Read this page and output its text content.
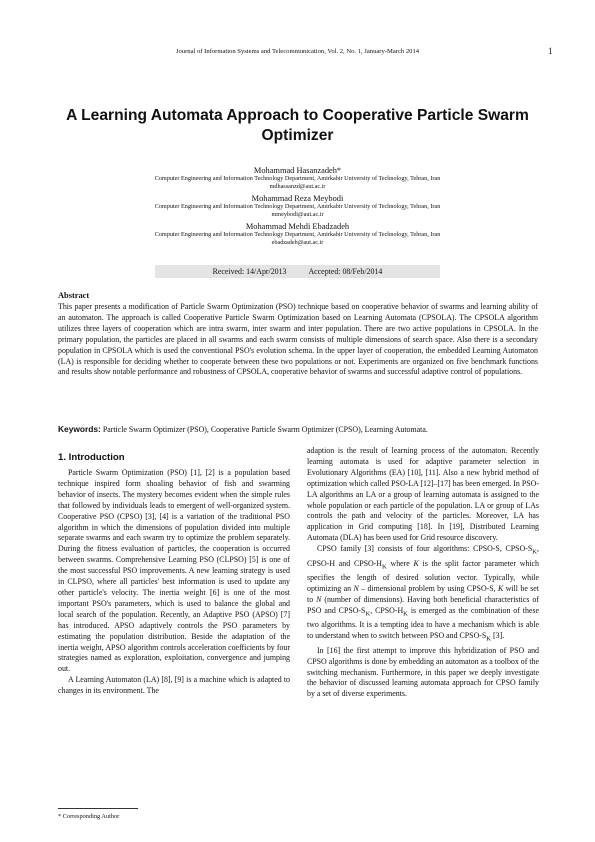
Journal of Information Systems and Telecommunication, Vol. 2, No. 1, January-March 2014	1
A Learning Automata Approach to Cooperative Particle Swarm Optimizer
Mohammad Hasanzadeh*
Computer Engineering and Information Technology Department, Amirkabir University of Technology, Tehran, Iran
mdhassanzd@aut.ac.ir
Mohammad Reza Meybodi
Computer Engineering and Information Technology Department, Amirkabir University of Technology, Tehran, Iran
mmeybodi@aut.ac.ir
Mohammad Mehdi Ebadzadeh
Computer Engineering and Information Technology Department, Amirkabir University of Technology, Tehran, Iran
ebadzadeh@aut.ac.ir
Received: 14/Apr/2013	Accepted: 08/Feb/2014
Abstract

This paper presents a modification of Particle Swarm Optimization (PSO) technique based on cooperative behavior of swarms and learning ability of an automaton. The approach is called Cooperative Particle Swarm Optimization based on Learning Automata (CPSOLA). The CPSOLA algorithm utilizes three layers of cooperation which are intra swarm, inter swarm and inter population. There are two active populations in CPSOLA. In the primary population, the particles are placed in all swarms and each swarm consists of multiple dimensions of search space. Also there is a secondary population in CPSOLA which is used the conventional PSO's evolution schema. In the upper layer of cooperation, the embedded Learning Automaton (LA) is responsible for deciding whether to cooperate between these two populations or not. Experiments are organized on five benchmark functions and results show notable performance and robustness of CPSOLA, cooperative behavior of swarms and successful adaptive control of populations.

Keywords: Particle Swarm Optimizer (PSO), Cooperative Particle Swarm Optimizer (CPSO), Learning Automata.

1. Introduction

Particle Swarm Optimization (PSO) [1], [2] is a population based technique inspired form shoaling behavior of fish and swarming behavior of insects. The mystery becomes evident when the simple rules that followed by individuals leads to emergent of well-organized system. Cooperative PSO (CPSO) [3], [4] is a variation of the traditional PSO algorithm in which the dimensions of population divided into multiple separate swarms and each swarm try to optimize the problem separately. During the fitness evaluation of particles, the cooperation is occurred between swarms. Comprehensive Learning PSO (CLPSO) [5] is one of the most successful PSO improvements. A new learning strategy is used in CLPSO, where all particles' best information is used to update any other particle's velocity. The inertia weight [6] is one of the most important PSO's parameters, which is used to balance the global and local search of the population. Recently, an Adaptive PSO (APSO) [7] has introduced. APSO adaptively controls the PSO parameters by estimating the population distribution. Beside the adaptation of the inertia weight, APSO algorithm controls acceleration coefficients by four strategies named as exploration, exploitation, convergence and jumping out.

A Learning Automaton (LA) [8], [9] is a machine which is adapted to changes in its environment. The

adaption is the result of learning process of the automaton. Recently learning automata is used for adaptive parameter selection in Evolutionary Algorithms (EA) [10], [11]. Also a new hybrid method of optimization which called PSO-LA [12]–[17] has been emerged. In PSO-LA algorithms an LA or a group of learning automata is assigned to the whole population or each particle of the population. LA or group of LAs controls the path and velocity of the particles. Moreover, LA has application in Grid computing [18]. In [19], Distributed Learning Automata (DLA) has been used for Grid resource discovery.

CPSO family [3] consists of four algorithms: CPSO-S, CPSO-$S_K$, CPSO-H and CPSO-$H_K$ where K is the split factor parameter which specifies the length of desired solution vector. Typically, while optimizing an N – dimensional problem by using CPSO-S, K will be set to N (number of dimensions). Having both beneficial characteristics of PSO and CPSO-$S_K$, CPSO-$H_K$ is emerged as the combination of these two algorithms. It is a tempting idea to have a mechanism which is able to understand when to switch between PSO and CPSO-$S_K$ [3].

In [16] the first attempt to improve this hybridization of PSO and CPSO algorithms is done by embedding an automaton as a toolbox of the switching mechanism. Furthermore, in this paper we deeply investigate the behavior of discussed learning automata approach for CPSO family by a set of diverse experiments.

* Corresponding Author
